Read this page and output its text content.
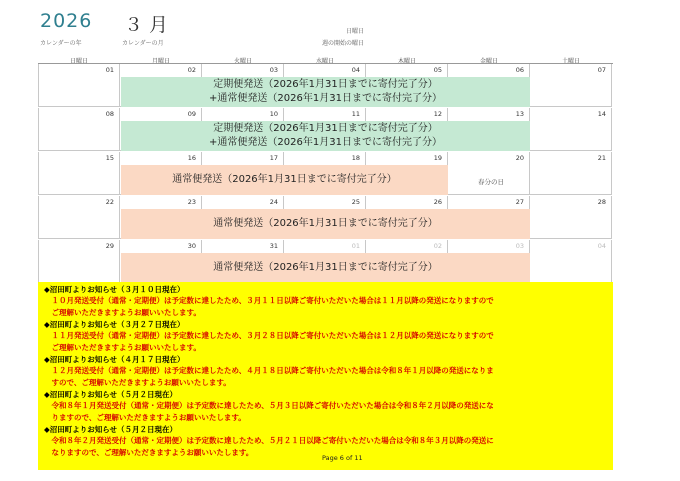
2026 ３ 月
カレンダーの年	カレンダーの月
日曜日
週の開始の曜日
日曜日	月曜日	火曜日	水曜日	木曜日	金曜日	土曜日
01	02	03	04	05	06	07
08	09	10	11	12	13	14
15	16	17	18	19	20	21
22	23	24	25	26	27	28
29	30	31	01	02	03	04
定期便発送（2026年1月31日までに寄付完了分）
+通常便発送（2026年1月31日までに寄付完了分）
定期便発送（2026年1月31日までに寄付完了分）
+通常便発送（2026年1月31日までに寄付完了分）
通常便発送（2026年1月31日までに寄付完了分）	春分の日
通常便発送（2026年1月31日までに寄付完了分）
通常便発送（2026年1月31日までに寄付完了分）
◆沼田町よりお知らせ（３月１０日現在）
　１０月発送受付（通常・定期便）は予定数に達したため、３月１１日以降ご寄付いただいた場合は１１月以降の発送になりますので
　ご理解いただきますようお願いいたします。
◆沼田町よりお知らせ（３月２７日現在）
　１１月発送受付（通常・定期便）は予定数に達したため、３月２８日以降ご寄付いただいた場合は１２月以降の発送になりますので
　ご理解いただきますようお願いいたします。
◆沼田町よりお知らせ（４月１７日現在）
　１２月発送受付（通常・定期便）は予定数に達したため、４月１８日以降ご寄付いただいた場合は令和８年１月以降の発送になりま
　すので、ご理解いただきますようお願いいたします。
◆沼田町よりお知らせ（５月２日現在）
　令和８年１月発送受付（通常・定期便）は予定数に達したため、５月３日以降ご寄付いただいた場合は令和８年２月以降の発送にな
　りますので、ご理解いただきますようお願いいたします。
◆沼田町よりお知らせ（５月２日現在）
　令和８年２月発送受付（通常・定期便）は予定数に達したため、５月２１日以降ご寄付いただいた場合は令和８年３月以降の発送に
　なりますので、ご理解いただきますようお願いいたします。
Page 6 of 11
